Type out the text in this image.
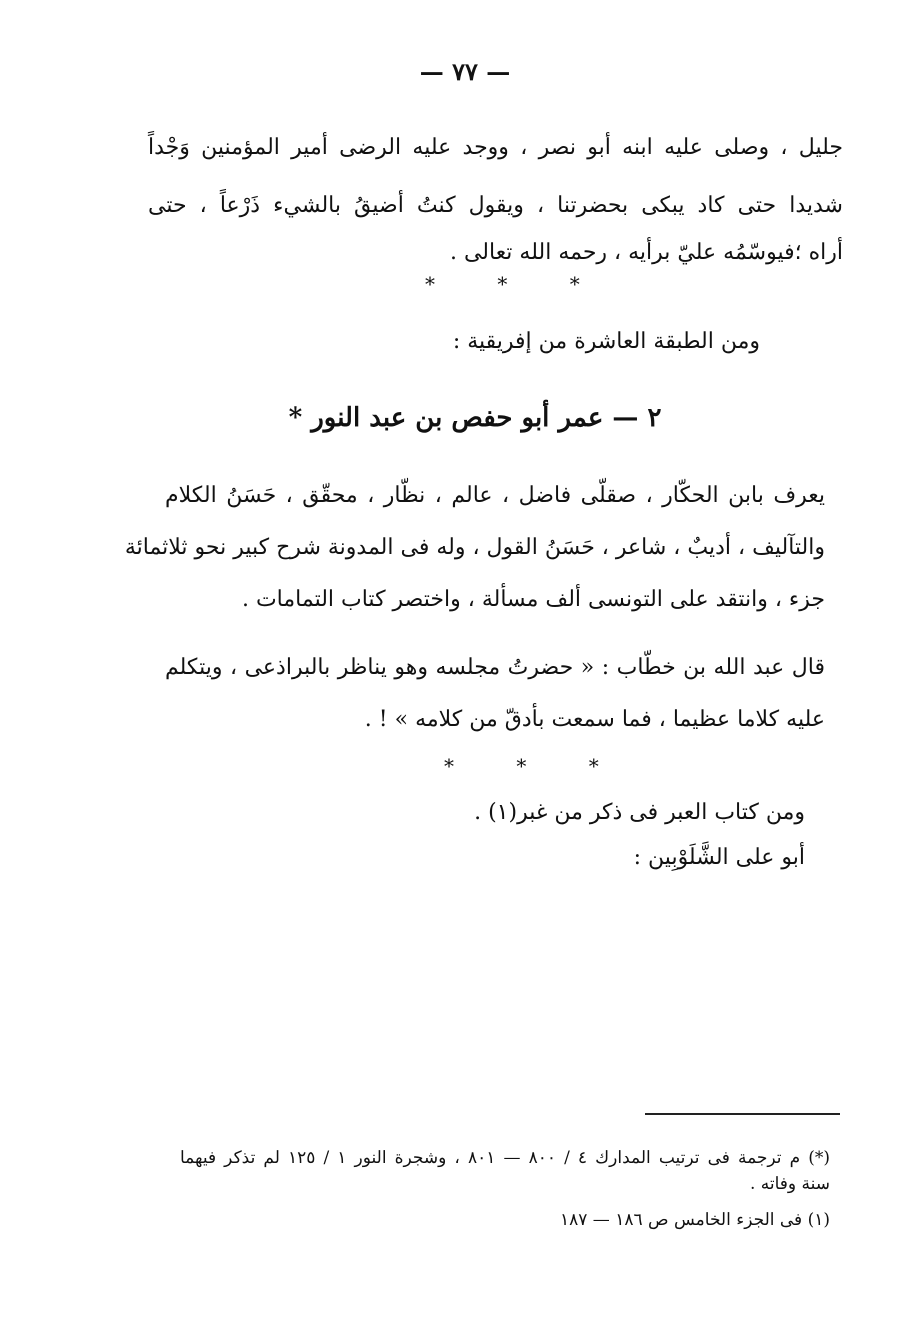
— ٧٧ —
جليل ، وصلى عليه ابنه أبو نصر ، ووجد عليه الرضى أمير المؤمنين وَجْداً
شديدا حتى كاد يبكى بحضرتنا ، ويقول كنتُ أضيقُ بالشيء ذَرْعاً ، حتى
أراه ؛فيوسّمُه عليّ برأيه ، رحمه الله تعالى .
* * *
ومن الطبقة العاشرة من إفريقية :
٢ — عمر أبو حفص بن عبد النور *
يعرف بابن الحكّار ، صقلّى فاضل ، عالم ، نظّار ، محقّق ، حَسَنُ الكلام
والتآليف ، أديبٌ ، شاعر ، حَسَنُ القول ، وله فى المدونة شرح كبير نحو ثلاثمائة
جزء ، وانتقد على التونسى ألف مسألة ، واختصر كتاب التمامات .
قال عبد الله بن خطّاب : « حضرتُ مجلسه وهو يناظر بالبراذعى ، ويتكلم
عليه كلاما عظيما ، فما سمعت بأدقّ من كلامه » ! .
* * *
ومن كتاب العبر فى ذكر من غبر(١) .
أبو على الشَّلَوْبِين :
(*) م ترجمة فى ترتيب المدارك ٤ / ٨٠٠ — ٨٠١ ، وشجرة النور ١ / ١٢٥ لم تذكر فيهما
سنة وفاته .
(١) فى الجزء الخامس ص ١٨٦ — ١٨٧
